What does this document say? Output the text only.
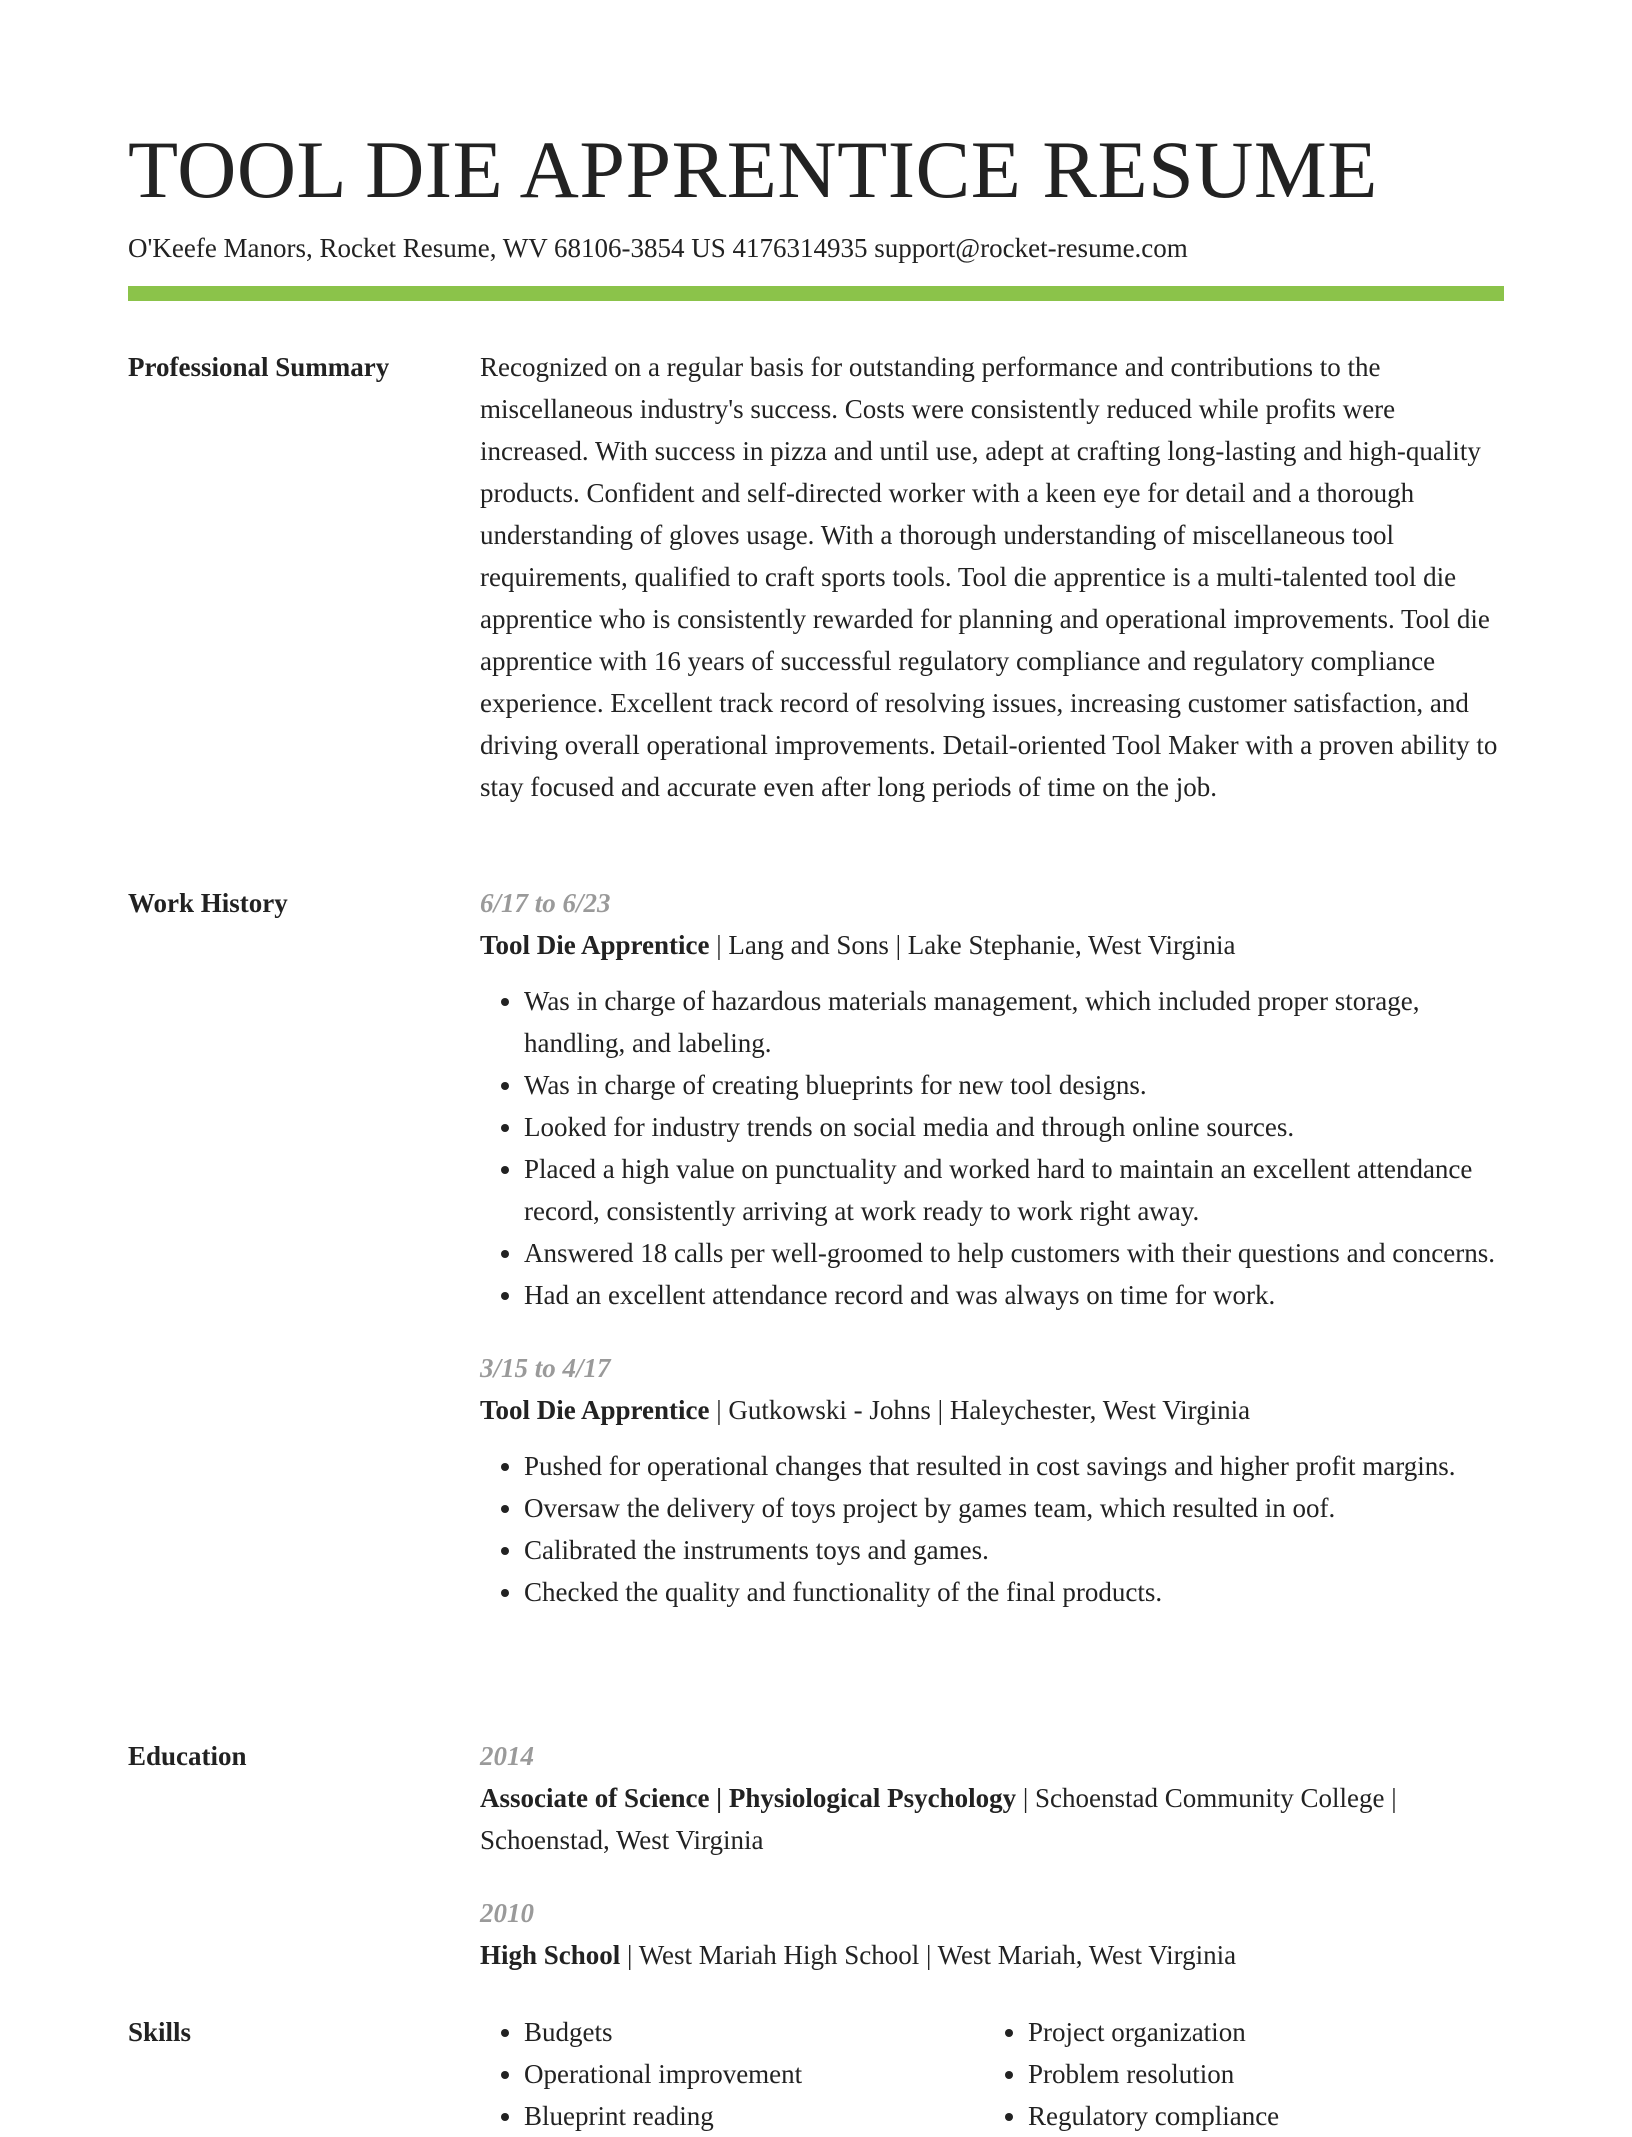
TOOL DIE APPRENTICE RESUME
O'Keefe Manors, Rocket Resume, WV 68106-3854 US 4176314935 support@rocket-resume.com
Professional Summary	Recognized on a regular basis for outstanding performance and contributions to the miscellaneous industry's success. Costs were consistently reduced while profits were increased. With success in pizza and until use, adept at crafting long-lasting and high-quality products. Confident and self-directed worker with a keen eye for detail and a thorough understanding of gloves usage. With a thorough understanding of miscellaneous tool requirements, qualified to craft sports tools. Tool die apprentice is a multi-talented tool die apprentice who is consistently rewarded for planning and operational improvements. Tool die apprentice with 16 years of successful regulatory compliance and regulatory compliance experience. Excellent track record of resolving issues, increasing customer satisfaction, and driving overall operational improvements. Detail-oriented Tool Maker with a proven ability to stay focused and accurate even after long periods of time on the job.

Work History	6/17 to 6/23
Tool Die Apprentice | Lang and Sons | Lake Stephanie, West Virginia
• Was in charge of hazardous materials management, which included proper storage, handling, and labeling.
• Was in charge of creating blueprints for new tool designs.
• Looked for industry trends on social media and through online sources.
• Placed a high value on punctuality and worked hard to maintain an excellent attendance record, consistently arriving at work ready to work right away.
• Answered 18 calls per well-groomed to help customers with their questions and concerns.
• Had an excellent attendance record and was always on time for work.
3/15 to 4/17
Tool Die Apprentice | Gutkowski - Johns | Haleychester, West Virginia
• Pushed for operational changes that resulted in cost savings and higher profit margins.
• Oversaw the delivery of toys project by games team, which resulted in oof.
• Calibrated the instruments toys and games.
• Checked the quality and functionality of the final products.
Education	2014
Associate of Science | Physiological Psychology | Schoenstad Community College | Schoenstad, West Virginia
2010
High School | West Mariah High School | West Mariah, West Virginia
Skills
•	Budgets
• Operational improvement
• Blueprint reading
• Project organization
• Problem resolution
• Regulatory compliance
